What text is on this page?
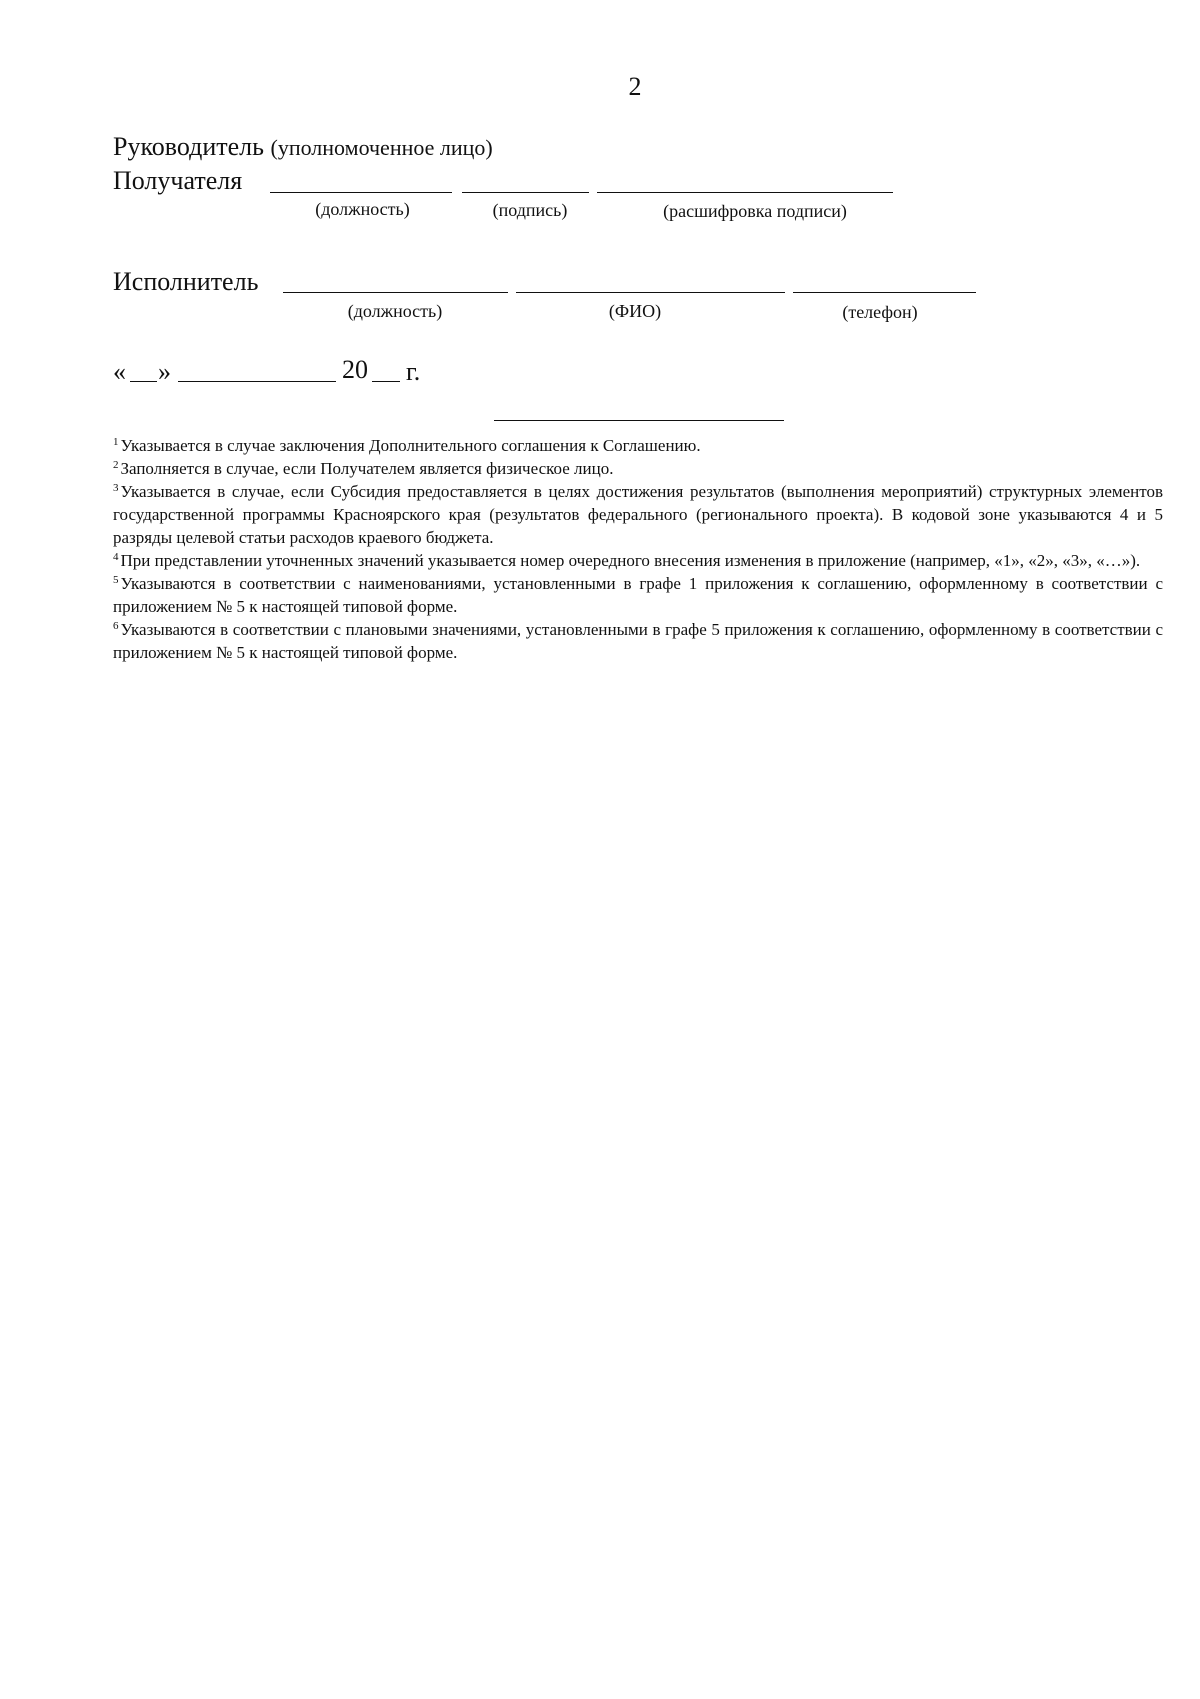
2
Руководитель (уполномоченное лицо)
Получателя
(должность)	(подпись)	(расшифровка подписи)
Исполнитель
(должность)	(ФИО)	(телефон)
« »	20 г.

$^1$ Указывается в случае заключения Дополнительного соглашения к Соглашению.

$^2$ Заполняется в случае, если Получателем является физическое лицо.

$^3$ Указывается в случае, если Субсидия предоставляется в целях достижения результатов (выполнения мероприятий) структурных элементов государственной программы Красноярского края (результатов федерального (регионального проекта). В кодовой зоне указываются 4 и 5 разряды целевой статьи расходов краевого бюджета.

$^4$ При представлении уточненных значений указывается номер очередного внесения изменения в приложение (например, «1», «2», «3», «…»).

$^5$ Указываются в соответствии с наименованиями, установленными в графе 1 приложения к соглашению, оформленному в соответствии с приложением № 5 к настоящей типовой форме.

$^6$ Указываются в соответствии с плановыми значениями, установленными в графе 5 приложения к соглашению, оформленному в соответствии с приложением № 5 к настоящей типовой форме.
